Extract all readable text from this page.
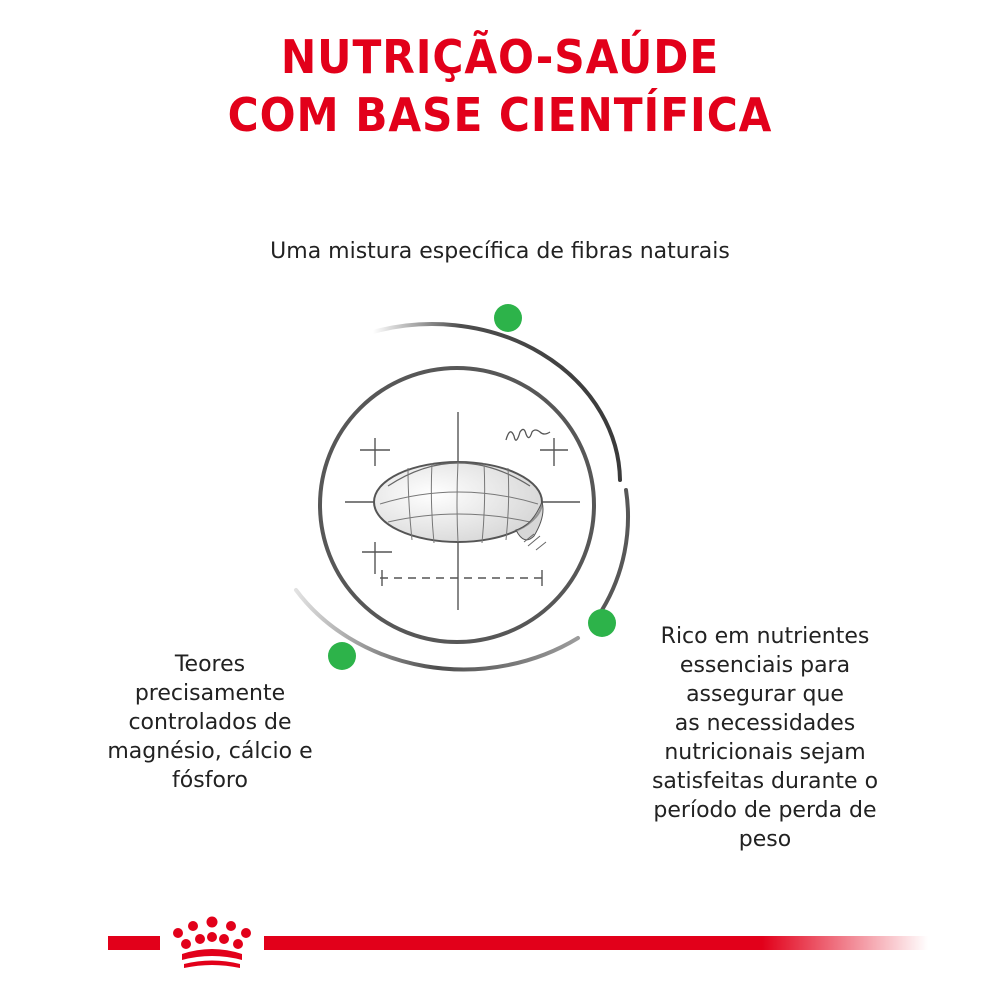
NUTRIÇÃO-SAÚDE
COM BASE CIENTÍFICA

Uma mistura específica de fibras naturais

Teores
precisamente
controlados de
magnésio, cálcio e
fósforo

Rico em nutrientes
essenciais para
assegurar que
as necessidades
nutricionais sejam
satisfeitas durante o
período de perda de
peso
